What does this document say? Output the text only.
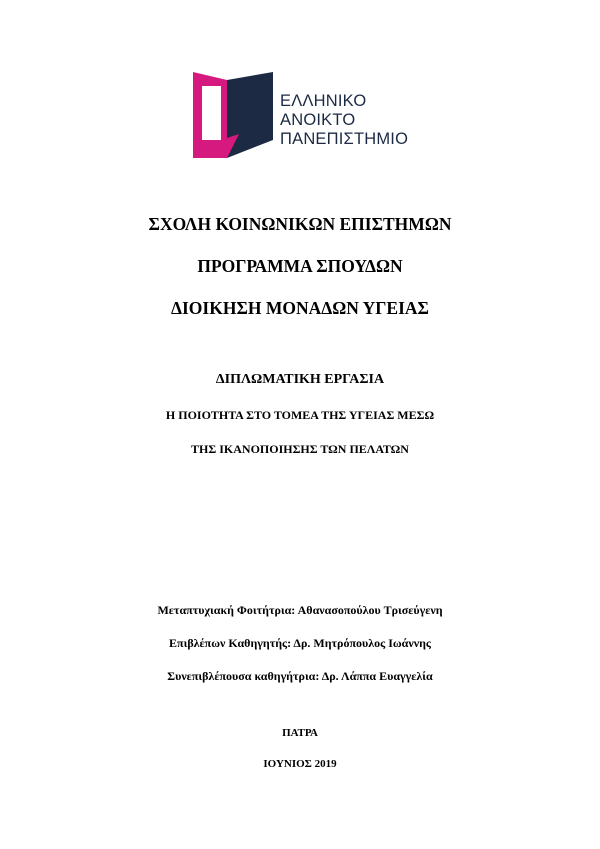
ΕΛΛΗΝΙΚΟ
ΑΝΟΙΚΤΟ
ΠΑΝΕΠΙΣΤΗΜΙΟ
ΣΧΟΛΗ ΚΟΙΝΩΝΙΚΩΝ ΕΠΙΣΤΗΜΩΝ
ΠΡΟΓΡΑΜΜΑ ΣΠΟΥΔΩΝ
ΔΙΟΙΚΗΣΗ ΜΟΝΑΔΩΝ ΥΓΕΙΑΣ
ΔΙΠΛΩΜΑΤΙΚΗ ΕΡΓΑΣΙΑ
Η ΠΟΙΟΤΗΤΑ ΣΤΟ ΤΟΜΕΑ ΤΗΣ ΥΓΕΙΑΣ ΜΕΣΩ
ΤΗΣ ΙΚΑΝΟΠΟΙΗΣΗΣ ΤΩΝ ΠΕΛΑΤΩΝ
Μεταπτυχιακή Φοιτήτρια: Αθανασοπούλου Τρισεύγενη
Επιβλέπων Καθηγητής: Δρ. Μητρόπουλος Ιωάννης
Συνεπιβλέπουσα καθηγήτρια: Δρ. Λάππα Ευαγγελία
ΠΑΤΡΑ
ΙΟΥΝΙΟΣ 2019
